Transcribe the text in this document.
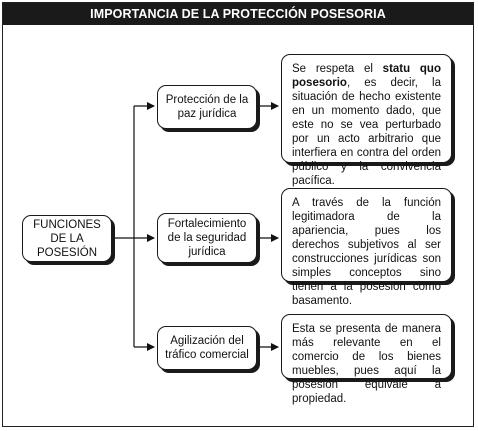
IMPORTANCIA DE LA PROTECCIÓN POSESORIA
FUNCIONES DE LA POSESIÓN
Protección de la paz jurídica
Fortalecimiento de la seguridad jurídica
Agilización del tráfico comercial
Se respeta el statu quo posesorio, es decir, la situación de hecho existente en un momento dado, que este no se vea perturbado por un acto arbitrario que interfiera en contra del orden público y la convivencia pacífica.
A través de la función legitimadora de la apariencia, pues los derechos subjetivos al ser construcciones jurídicas son simples conceptos sino tienen a la posesión como basamento.
Esta se presenta de manera más relevante en el comercio de los bienes muebles, pues aquí la posesión equivale a propiedad.
